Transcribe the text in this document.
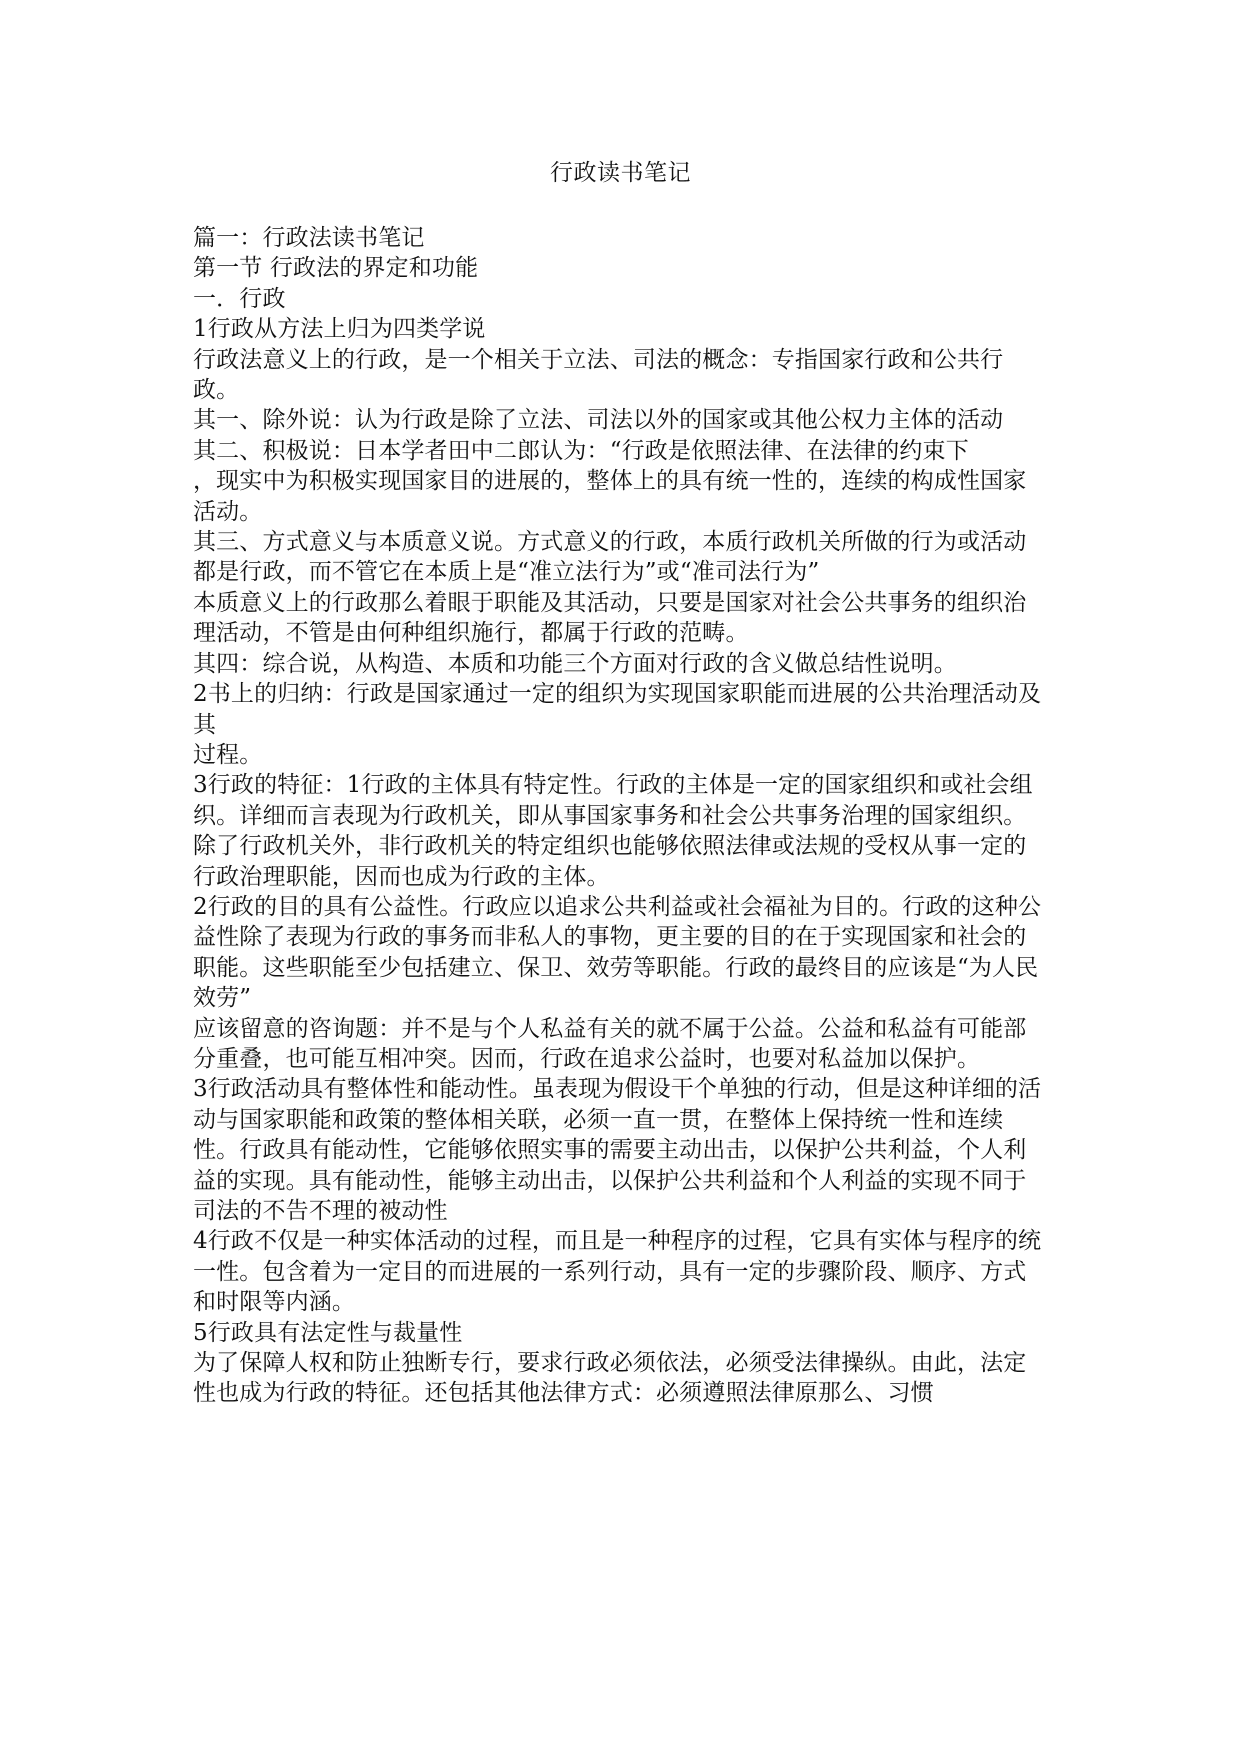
行政读书笔记

篇一：行政法读书笔记

第一节 行政法的界定和功能

一．行政

1行政从方法上归为四类学说

行政法意义上的行政，是一个相关于立法、司法的概念：专指国家行政和公共行政。

其一、除外说：认为行政是除了立法、司法以外的国家或其他公权力主体的活动

其二、积极说：日本学者田中二郎认为：“行政是依照法律、在法律的约束下

，现实中为积极实现国家目的进展的，整体上的具有统一性的，连续的构成性国家活动。

其三、方式意义与本质意义说。方式意义的行政，本质行政机关所做的行为或活动都是行政，而不管它在本质上是“准立法行为”或“准司法行为”

本质意义上的行政那么着眼于职能及其活动，只要是国家对社会公共事务的组织治理活动，不管是由何种组织施行，都属于行政的范畴。

其四：综合说，从构造、本质和功能三个方面对行政的含义做总结性说明。

2书上的归纳：行政是国家通过一定的组织为实现国家职能而进展的公共治理活动及其

过程。

3行政的特征：1行政的主体具有特定性。行政的主体是一定的国家组织和或社会组织。详细而言表现为行政机关，即从事国家事务和社会公共事务治理的国家组织。除了行政机关外，非行政机关的特定组织也能够依照法律或法规的受权从事一定的行政治理职能，因而也成为行政的主体。

2行政的目的具有公益性。行政应以追求公共利益或社会福祉为目的。行政的这种公益性除了表现为行政的事务而非私人的事物，更主要的目的在于实现国家和社会的职能。这些职能至少包括建立、保卫、效劳等职能。行政的最终目的应该是“为人民效劳”

应该留意的咨询题：并不是与个人私益有关的就不属于公益。公益和私益有可能部分重叠，也可能互相冲突。因而，行政在追求公益时，也要对私益加以保护。

3行政活动具有整体性和能动性。虽表现为假设干个单独的行动，但是这种详细的活动与国家职能和政策的整体相关联，必须一直一贯，在整体上保持统一性和连续性。行政具有能动性，它能够依照实事的需要主动出击，以保护公共利益，个人利益的实现。具有能动性，能够主动出击，以保护公共利益和个人利益的实现不同于司法的不告不理的被动性

4行政不仅是一种实体活动的过程，而且是一种程序的过程，它具有实体与程序的统一性。包含着为一定目的而进展的一系列行动，具有一定的步骤阶段、顺序、方式和时限等内涵。

5行政具有法定性与裁量性

为了保障人权和防止独断专行，要求行政必须依法，必须受法律操纵。由此，法定性也成为行政的特征。还包括其他法律方式：必须遵照法律原那么、习惯
